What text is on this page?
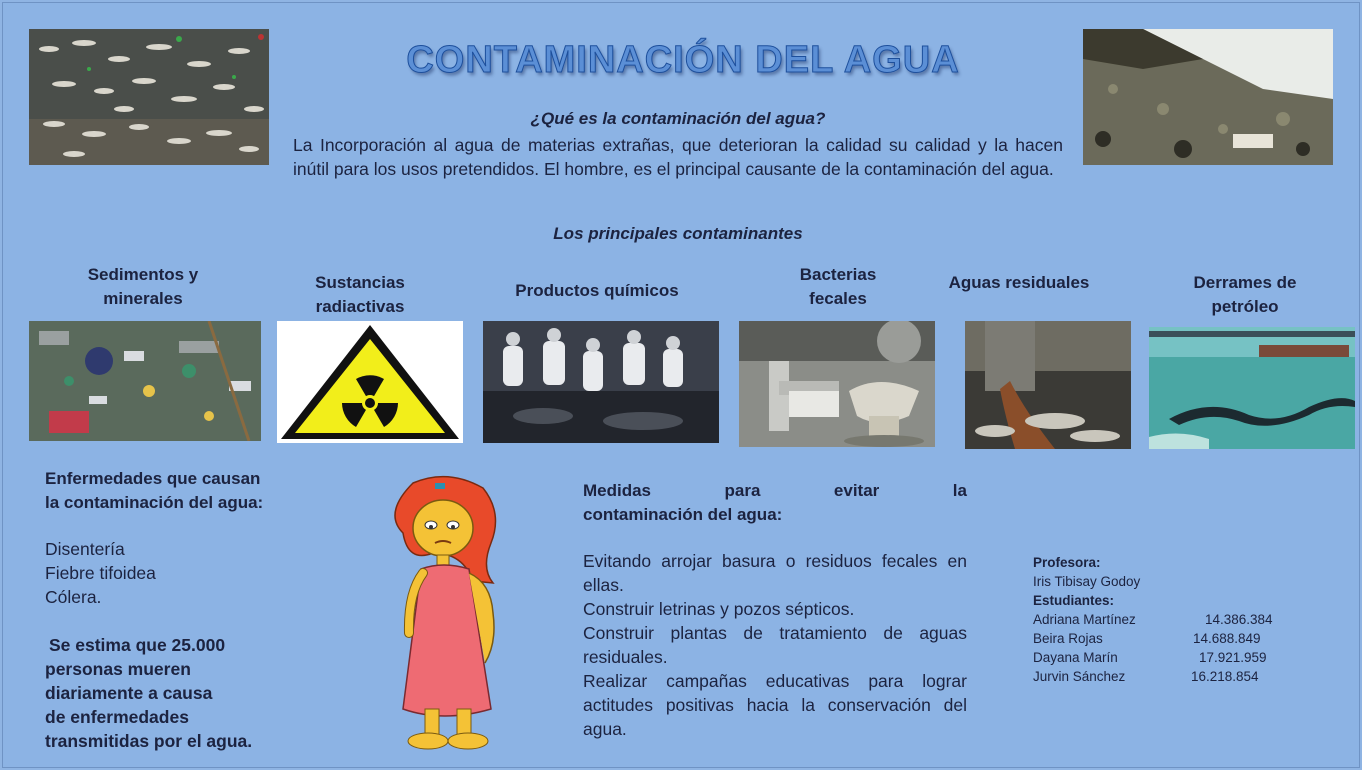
CONTAMINACIÓN DEL AGUA
¿Qué es la contaminación del agua?
La Incorporación al agua de materias extrañas, que deterioran la calidad su calidad y la hacen inútil para los usos pretendidos. El hombre, es el principal causante de la contaminación del agua.
Los principales contaminantes
Sedimentos y
minerales
Sustancias
radiactivas
Productos químicos
Bacterias
fecales
Aguas residuales	Derrames de
petróleo
Enfermedades que causan
la contaminación del agua:
Disentería
Fiebre tifoidea
Cólera.
Se estima que 25.000
personas mueren
diariamente a causa
de enfermedades
transmitidas por el agua.
Medidas	para	evitar	la
contaminación del agua:

Evitando arrojar basura o residuos fecales en ellas.

Construir letrinas y pozos sépticos.

Construir plantas de tratamiento de aguas residuales.

Realizar campañas educativas para lograr actitudes positivas hacia la conservación del agua.

Profesora:
Iris Tibisay Godoy
Estudiantes:
Adriana Martínez	14.386.384
Beira Rojas	14.688.849
Dayana Marín	17.921.959
Jurvin Sánchez	16.218.854
